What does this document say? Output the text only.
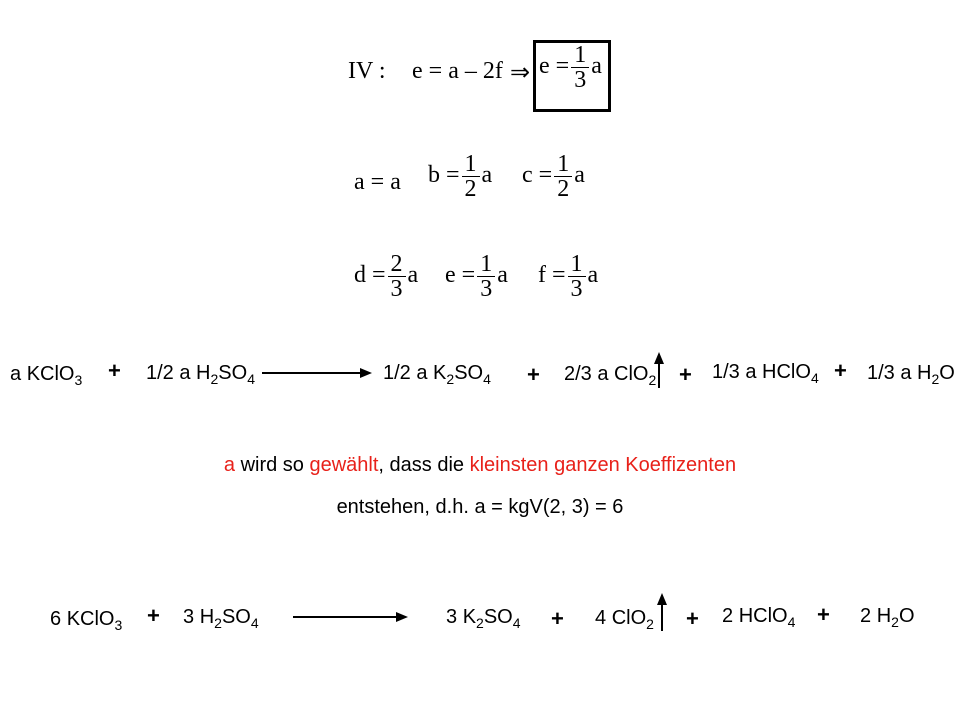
IV : e = a – 2f ⇒ $e = \frac{1}{3}$ a
a = a $b = \frac{1}{2}$ a $c = \frac{1}{2}$ a
$d = \frac{2}{3}$ a $e = \frac{1}{3}$ a $f = \frac{1}{3}$ a
a KClO$_3$ + 1/2 a $H_2SO_4$	1/2 a $K_2SO_4 + 2/3$ a ClO$_2$ + 1/3 a HClO$_4$ + 1/3 a $H_2O$
a wird so gewählt, dass die kleinsten ganzen Koeffizenten
entstehen, d.h. a = kgV(2, 3) = 6
6 KClO$_3$ + 3 $H_2SO_4$	3 $K_2SO_4 + 4$ ClO$_2$ + 2 HClO$_4$ + 2 $H_2O$
